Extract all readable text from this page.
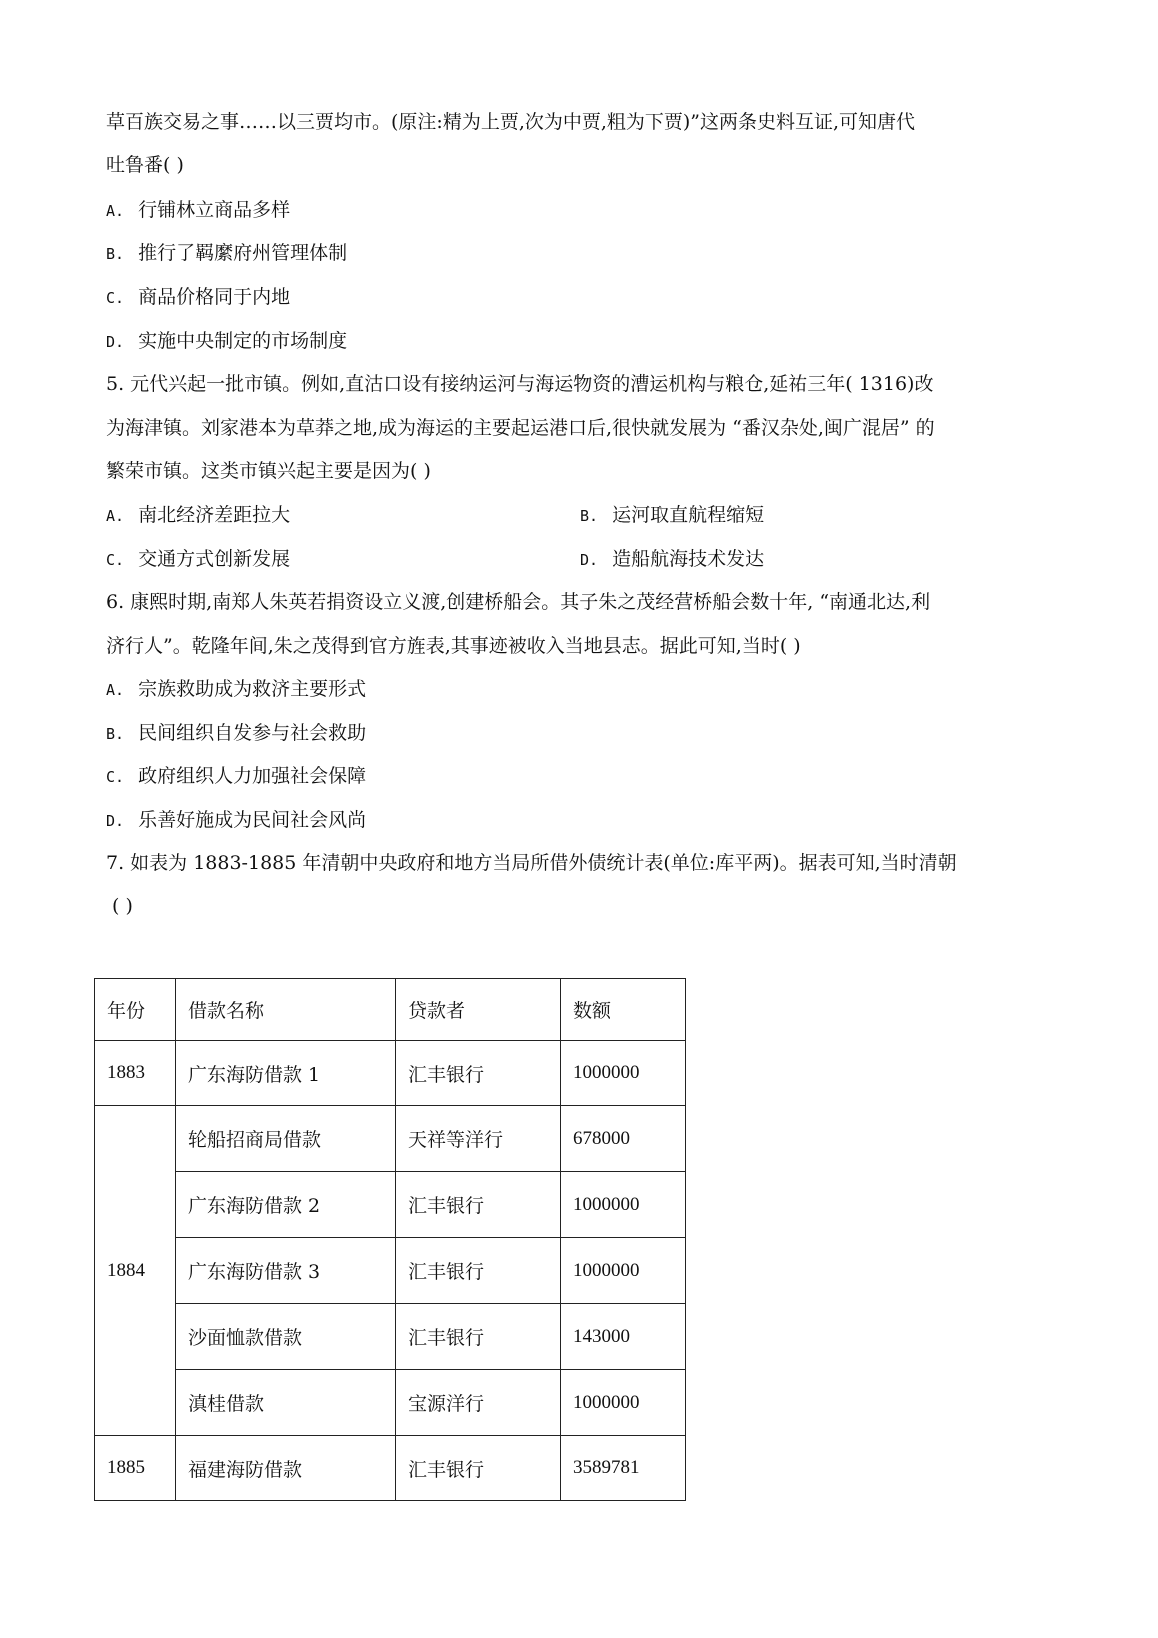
草百族交易之事……以三贾均市。(原注:精为上贾,次为中贾,粗为下贾)”这两条史料互证,可知唐代
吐鲁番( )
A. 行铺林立商品多样
B. 推行了羁縻府州管理体制
C. 商品价格同于内地
D. 实施中央制定的市场制度
5. 元代兴起一批市镇。例如,直沽口设有接纳运河与海运物资的漕运机构与粮仓,延祐三年( 1316)改
为海津镇。刘家港本为草莽之地,成为海运的主要起运港口后,很快就发展为 “番汉杂处,闽广混居” 的
繁荣市镇。这类市镇兴起主要是因为( )
A. 南北经济差距拉大	B. 运河取直航程缩短
C. 交通方式创新发展	D. 造船航海技术发达
6. 康熙时期,南郑人朱英若捐资设立义渡,创建桥船会。其子朱之茂经营桥船会数十年, “南通北达,利
济行人”。乾隆年间,朱之茂得到官方旌表,其事迹被收入当地县志。据此可知,当时( )
A. 宗族救助成为救济主要形式
B. 民间组织自发参与社会救助
C. 政府组织人力加强社会保障
D. 乐善好施成为民间社会风尚
7. 如表为 1883-1885 年清朝中央政府和地方当局所借外债统计表(单位:库平两)。据表可知,当时清朝
( )
年份	借款名称	贷款者	数额
1883	广东海防借款 1	汇丰银行	1000000
1884	轮船招商局借款	天祥等洋行	678000
	广东海防借款 2	汇丰银行	1000000
	广东海防借款 3	汇丰银行	1000000
	沙面恤款借款	汇丰银行	143000
	滇桂借款	宝源洋行	1000000
1885	福建海防借款	汇丰银行	3589781
